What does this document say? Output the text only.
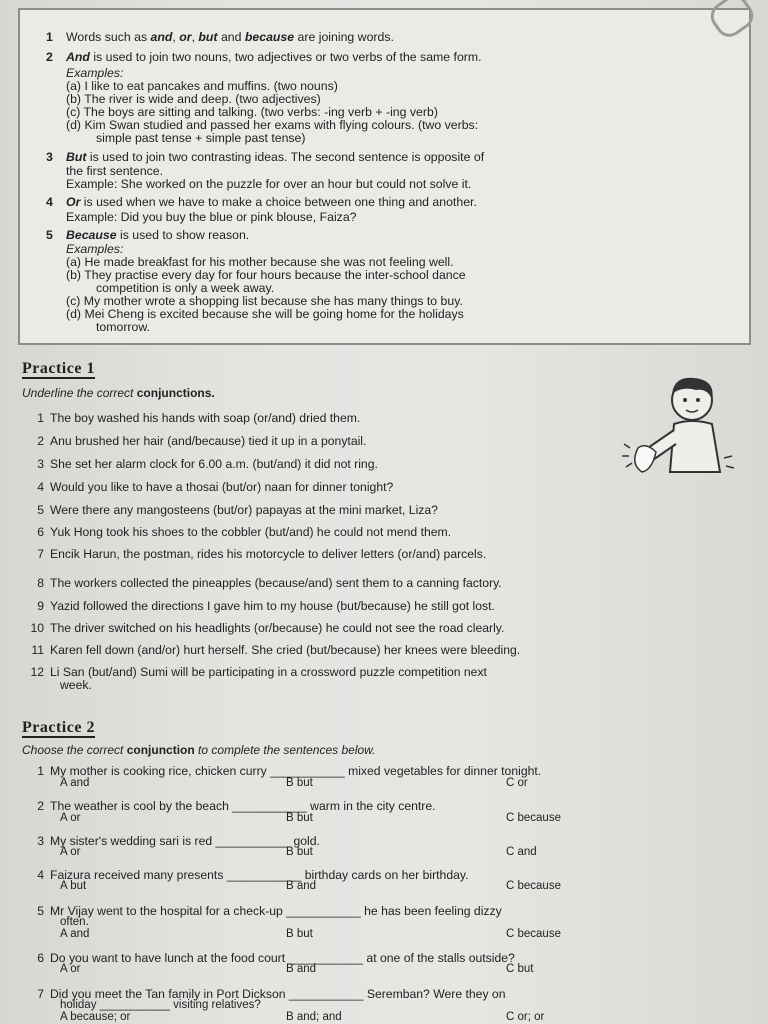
1 Words such as and, or, but and because are joining words.
2 And is used to join two nouns, two adjectives or two verbs of the same form.
Examples:
(a) I like to eat pancakes and muffins. (two nouns)
(b) The river is wide and deep. (two adjectives)
(c) The boys are sitting and talking. (two verbs: -ing verb + -ing verb)
(d) Kim Swan studied and passed her exams with flying colours. (two verbs:
simple past tense + simple past tense)
3 But is used to join two contrasting ideas. The second sentence is opposite of
the first sentence.
Example: She worked on the puzzle for over an hour but could not solve it.
4 Or is used when we have to make a choice between one thing and another.
Example: Did you buy the blue or pink blouse, Faiza?
5 Because is used to show reason.
Examples:
(a) He made breakfast for his mother because she was not feeling well.
(b) They practise every day for four hours because the inter-school dance
competition is only a week away.
(c) My mother wrote a shopping list because she has many things to buy.
(d) Mei Cheng is excited because she will be going home for the holidays
tomorrow.
Practice 1
Underline the correct conjunctions.
1 The boy washed his hands with soap (or/and) dried them.
2 Anu brushed her hair (and/because) tied it up in a ponytail.
3 She set her alarm clock for 6.00 a.m. (but/and) it did not ring.
4 Would you like to have a thosai (but/or) naan for dinner tonight?
5 Were there any mangosteens (but/or) papayas at the mini market, Liza?
6 Yuk Hong took his shoes to the cobbler (but/and) he could not mend them.
7 Encik Harun, the postman, rides his motorcycle to deliver letters (or/and) parcels.
8 The workers collected the pineapples (because/and) sent them to a canning factory.
9 Yazid followed the directions I gave him to my house (but/because) he still got lost.
10 The driver switched on his headlights (or/because) he could not see the road clearly.
11 Karen fell down (and/or) hurt herself. She cried (but/because) her knees were bleeding.
12 Li San (but/and) Sumi will be participating in a crossword puzzle competition next
week.
Practice 2
Choose the correct conjunction to complete the sentences below.
1 My mother is cooking rice, chicken curry ___________ mixed vegetables for dinner tonight.
A and	B but	C or
2 The weather is cool by the beach ___________ warm in the city centre.
A or	B but	C because
3 My sister's wedding sari is red ___________ gold.
A or	B but	C and
4 Faizura received many presents ___________ birthday cards on her birthday.
A but	B and	C because
5 Mr Vijay went to the hospital for a check-up ___________ he has been feeling dizzy
often.
A and	B but	C because
6 Do you want to have lunch at the food court ___________ at one of the stalls outside?
A or	B and	C but
7 Did you meet the Tan family in Port Dickson ___________ Seremban? Were they on
holiday ___________ visiting relatives?
A because; or	B and; and	C or; or
